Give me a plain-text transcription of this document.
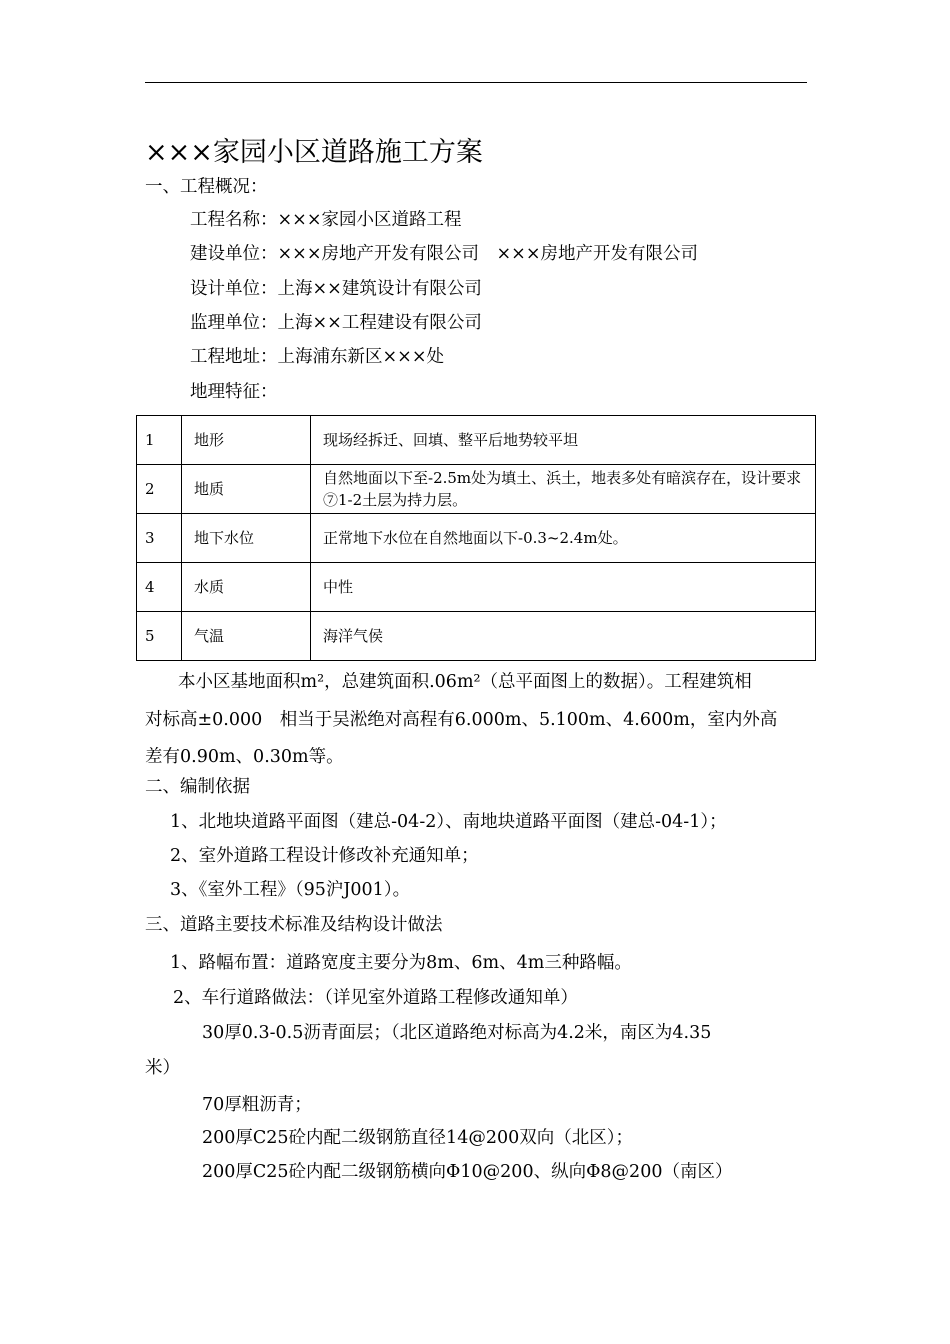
×××家园小区道路施工方案
一、工程概况：
工程名称：×××家园小区道路工程
建设单位：×××房地产开发有限公司　×××房地产开发有限公司
设计单位：上海××建筑设计有限公司
监理单位：上海××工程建设有限公司
工程地址：上海浦东新区×××处
地理特征：
1	地形	现场经拆迁、回填、整平后地势较平坦
2	地质	自然地面以下至-2.5m处为填土、浜土，地表多处有暗滨存在，设计要求⑦1-2土层为持力层。
3	地下水位	正常地下水位在自然地面以下-0.3~2.4m处。
4	水质	中性
5	气温	海洋气侯
本小区基地面积m²，总建筑面积.06m²（总平面图上的数据）。工程建筑相
对标高±0.000　相当于吴淞绝对高程有6.000m、5.100m、4.600m，室内外高
差有0.90m、0.30m等。
二、编制依据
1、北地块道路平面图（建总-04-2）、南地块道路平面图（建总-04-1）；
2、室外道路工程设计修改补充通知单；
3、《室外工程》（95沪J001）。
三、道路主要技术标准及结构设计做法
1、路幅布置：道路宽度主要分为8m、6m、4m三种路幅。
2、车行道路做法：（详见室外道路工程修改通知单）
30厚0.3-0.5沥青面层；（北区道路绝对标高为4.2米，南区为4.35
米）
70厚粗沥青；
200厚C25砼内配二级钢筋直径14@200双向（北区）；
200厚C25砼内配二级钢筋横向Φ10@200、纵向Φ8@200（南区）
